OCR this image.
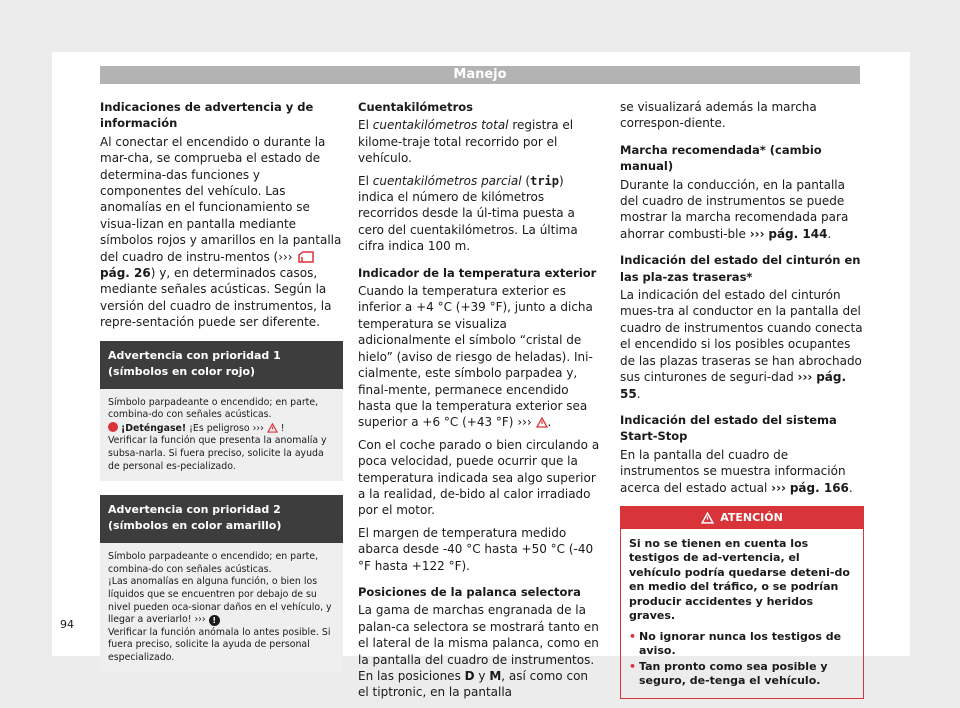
Manejo
Indicaciones de advertencia y de información

Al conectar el encendido o durante la mar-cha, se comprueba el estado de determina-das funciones y componentes del vehículo. Las anomalías en el funcionamiento se visua-lizan en pantalla mediante símbolos rojos y amarillos en la pantalla del cuadro de instru-mentos (›››pág. 26) y, en determinados casos, mediante señales acústicas. Según la versión del cuadro de instrumentos, la repre-sentación puede ser diferente.

Advertencia con prioridad 1 (símbolos en color rojo)
Símbolo parpadeante o encendido; en parte, combina-do con señales acústicas.
¡Deténgase! ¡Es peligroso ›››  !
Verificar la función que presenta la anomalía y subsa-narla. Si fuera preciso, solicite la ayuda de personal es-pecializado.
Advertencia con prioridad 2 (símbolos en color amarillo)
Símbolo parpadeante o encendido; en parte, combina-do con señales acústicas.
¡Las anomalías en alguna función, o bien los líquidos que se encuentren por debajo de su nivel pueden oca-sionar daños en el vehículo, y llegar a averiarlo! ››› !
Verificar la función anómala lo antes posible. Si fuera preciso, solicite la ayuda de personal especializado.
Cuentakilómetros

El cuentakilómetros total registra el kilome-traje total recorrido por el vehículo.

El cuentakilómetros parcial (trip) indica el número de kilómetros recorridos desde la úl-tima puesta a cero del cuentakilómetros. La última cifra indica 100 m.

Indicador de la temperatura exterior

Cuando la temperatura exterior es inferior a +4 °C (+39 °F), junto a dicha temperatura se visualiza adicionalmente el símbolo “cristal de hielo” (aviso de riesgo de heladas). Ini-cialmente, este símbolo parpadea y, final-mente, permanece encendido hasta que la temperatura exterior sea superior a +6 °C (+43 °F) ››› .

Con el coche parado o bien circulando a poca velocidad, puede ocurrir que la temperatura indicada sea algo superior a la realidad, de-bido al calor irradiado por el motor.

El margen de temperatura medido abarca desde -40 °C hasta +50 °C (-40 °F hasta +122 °F).

Posiciones de la palanca selectora

La gama de marchas engranada de la palan-ca selectora se mostrará tanto en el lateral de la misma palanca, como en la pantalla del cuadro de instrumentos. En las posiciones D y M, así como con el tiptronic, en la pantalla

se visualizará además la marcha correspon-diente.

Marcha recomendada* (cambio manual)

Durante la conducción, en la pantalla del cuadro de instrumentos se puede mostrar la marcha recomendada para ahorrar combusti-ble ››› pág. 144.

Indicación del estado del cinturón en las pla-zas traseras*

La indicación del estado del cinturón mues-tra al conductor en la pantalla del cuadro de instrumentos cuando conecta el encendido si los posibles ocupantes de las plazas traseras se han abrochado sus cinturones de seguri-dad ››› pág. 55.

Indicación del estado del sistema Start-Stop

En la pantalla del cuadro de instrumentos se muestra información acerca del estado actual ››› pág. 166.

ATENCIÓN
Si no se tienen en cuenta los testigos de ad-vertencia, el vehículo podría quedarse deteni-do en medio del tráfico, o se podrían producir accidentes y heridos graves.
• No ignorar nunca los testigos de aviso.
• Tan pronto como sea posible y seguro, de-tenga el vehículo.
94
